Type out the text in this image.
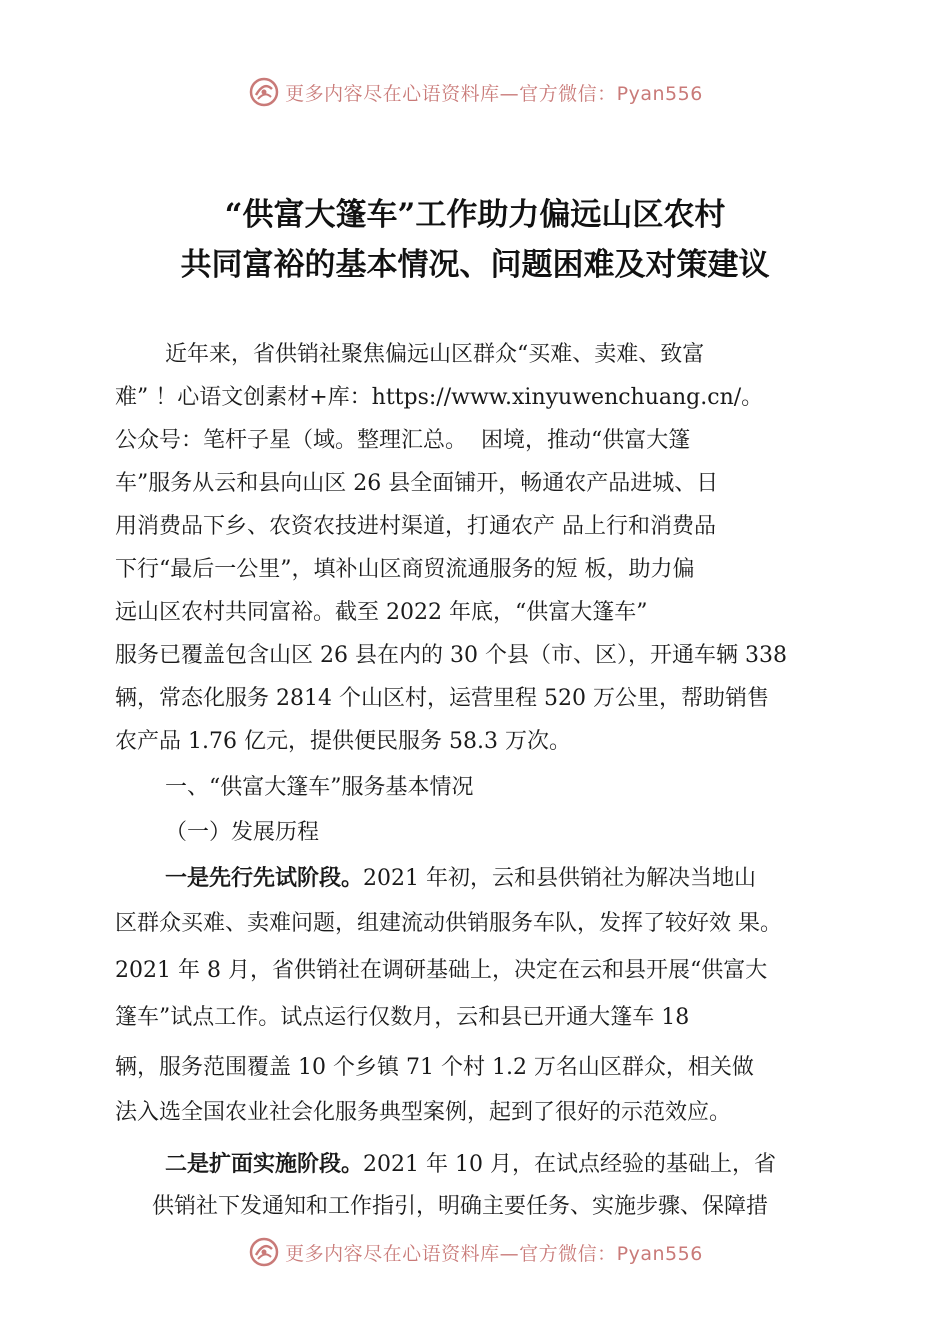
更多内容尽在心语资料库—官方微信：Pyan556
“供富大篷车”工作助力偏远山区农村
共同富裕的基本情况、问题困难及对策建议
近年来，省供销社聚焦偏远山区群众“买难、卖难、致富
难” ！心语文创素材+库：https://www.xinyuwenchuang.cn/。
公众号：笔杆子星（域。整理汇总。  困境，推动“供富大篷
车”服务从云和县向山区 26 县全面铺开，畅通农产品进城、日
用消费品下乡、农资农技进村渠道，打通农产 品上行和消费品
下行“最后一公里”，填补山区商贸流通服务的短 板，助力偏
远山区农村共同富裕。截至 2022 年底，“供富大篷车”
服务已覆盖包含山区 26 县在内的 30 个县（市、区），开通车辆 338
辆，常态化服务 2814 个山区村，运营里程 520 万公里，帮助销售
农产品 1.76 亿元，提供便民服务 58.3 万次。
一、“供富大篷车”服务基本情况
（一）发展历程
一是先行先试阶段。2021 年初，云和县供销社为解决当地山
区群众买难、卖难问题，组建流动供销服务车队，发挥了较好效 果。
2021 年 8 月，省供销社在调研基础上，决定在云和县开展“供富大
篷车”试点工作。试点运行仅数月，云和县已开通大篷车 18
辆，服务范围覆盖 10 个乡镇 71 个村 1.2 万名山区群众，相关做
法入选全国农业社会化服务典型案例，起到了很好的示范效应。
二是扩面实施阶段。2021 年 10 月，在试点经验的基础上，省
供销社下发通知和工作指引，明确主要任务、实施步骤、保障措
更多内容尽在心语资料库—官方微信：Pyan556
